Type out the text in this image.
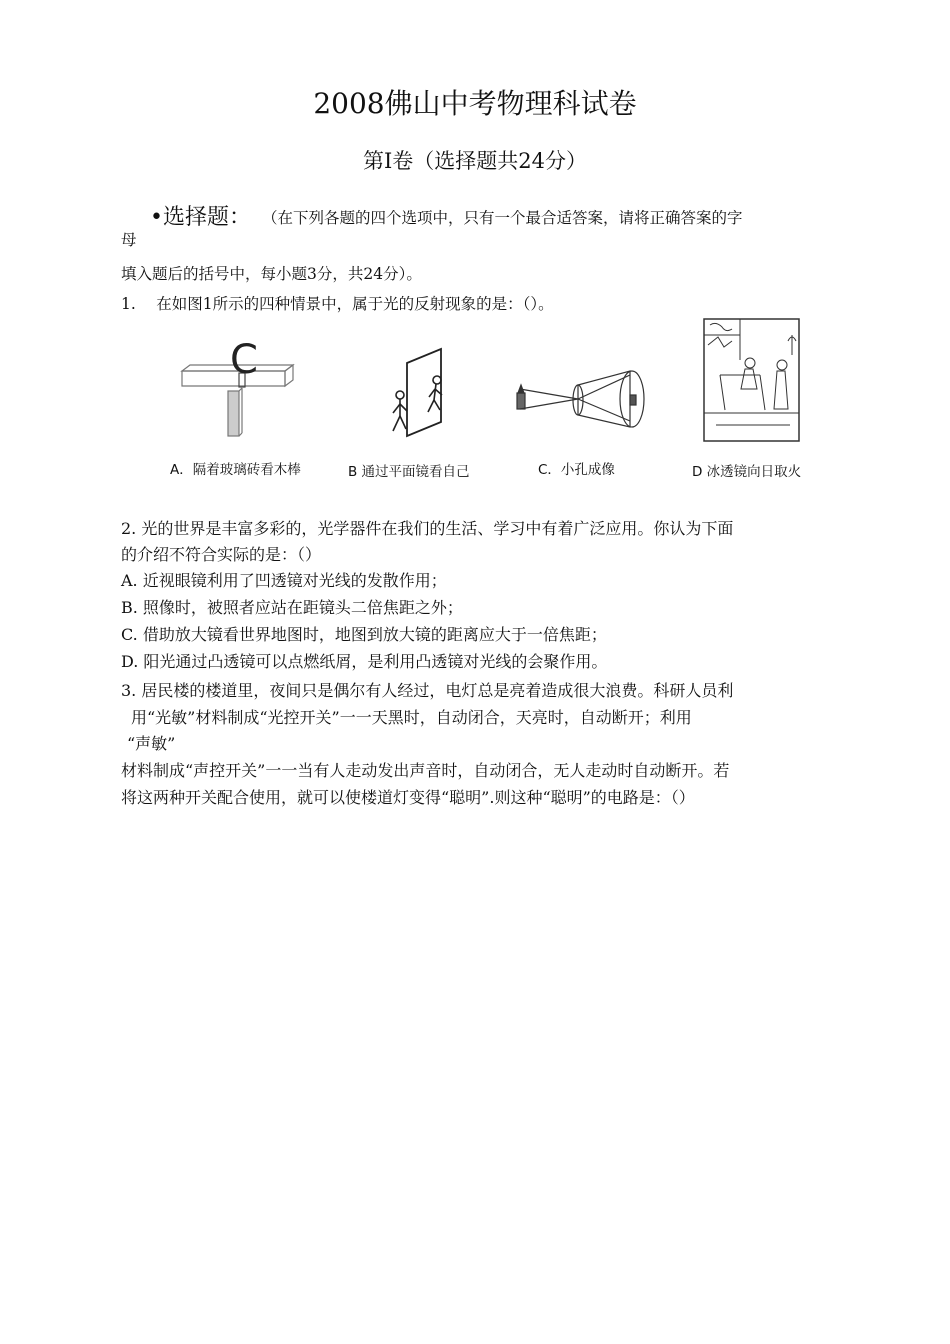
2008佛山中考物理科试卷
第I卷（选择题共24分）
•选择题： （在下列各题的四个选项中，只有一个最合适答案，请将正确答案的字
母
填入题后的括号中，每小题3分，共24分）。
1.　 在如图1所示的四种情景中，属于光的反射现象的是：（）。
C
A．隔着玻璃砖看木棒	B 通过平面镜看自己	C．小孔成像	D 冰透镜向日取火
2. 光的世界是丰富多彩的，光学器件在我们的生活、学习中有着广泛应用。你认为下面
的介绍不符合实际的是：（）
A. 近视眼镜利用了凹透镜对光线的发散作用；
B. 照像时，被照者应站在距镜头二倍焦距之外；
C. 借助放大镜看世界地图时，地图到放大镜的距离应大于一倍焦距；
D. 阳光通过凸透镜可以点燃纸屑，是利用凸透镜对光线的会聚作用。
3. 居民楼的楼道里，夜间只是偶尔有人经过，电灯总是亮着造成很大浪费。科研人员利
用“光敏”材料制成“光控开关”一一天黑时，自动闭合，天亮时，自动断开；利用
“声敏”
材料制成“声控开关”一一当有人走动发出声音时，自动闭合，无人走动时自动断开。若
将这两种开关配合使用，就可以使楼道灯变得“聪明”.则这种“聪明”的电路是：（）
